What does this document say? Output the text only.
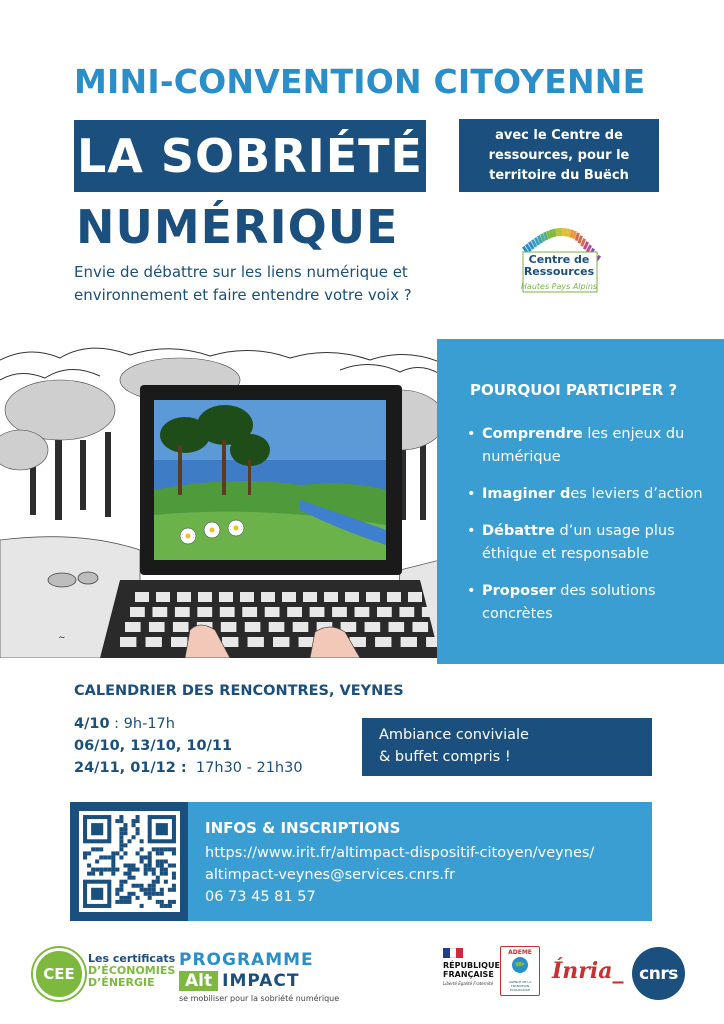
MINI-CONVENTION CITOYENNE
LA SOBRIÉTÉ
NUMÉRIQUE
Envie de débattre sur les liens numérique et environnement et faire entendre votre voix ?
avec le Centre de ressources, pour le territoire du Buëch
Centre de Ressources
Hautes Pays Alpins
~
POURQUOI PARTICIPER ?
• Comprendre les enjeux du numérique
• Imaginer des leviers d’action
• Débattre d’un usage plus éthique et responsable
• Proposer des solutions concrètes
CALENDRIER DES RENCONTRES, VEYNES
4/10 : 9h-17h
06/10, 13/10, 10/11
24/11, 01/12 :  17h30 - 21h30
Ambiance conviviale
& buffet compris !
INFOS & INSCRIPTIONS
https://www.irit.fr/altimpact-dispositif-citoyen/veynes/
altimpact-veynes@services.cnrs.fr
06 73 45 81 57
CEE
Les certificats
D’ÉCONOMIES
D’ÉNERGIE
PROGRAMME
Alt IMPACT
se mobiliser pour la sobriété numérique
RÉPUBLIQUE
FRANÇAISE
Liberté Égalité Fraternité
ADEME
AGENCE DE LA TRANSITION ÉCOLOGIQUE
Ínria_ cnrs
